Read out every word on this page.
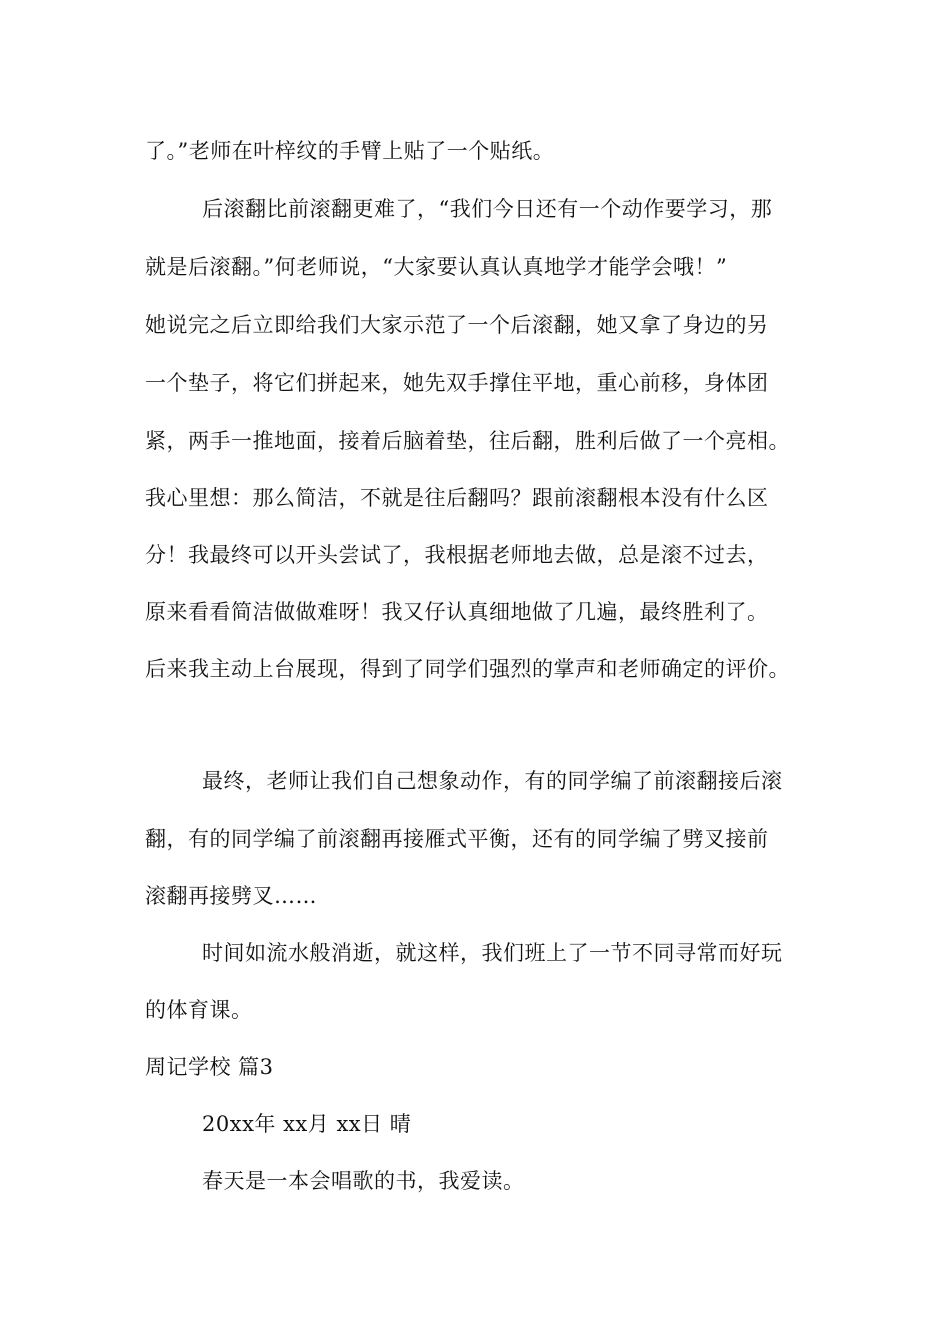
了。”老师在叶梓纹的手臂上贴了一个贴纸。
后滚翻比前滚翻更难了，“我们今日还有一个动作要学习，那
就是后滚翻。”何老师说，“大家要认真认真地学才能学会哦！”
她说完之后立即给我们大家示范了一个后滚翻，她又拿了身边的另
一个垫子，将它们拼起来，她先双手撑住平地，重心前移，身体团
紧，两手一推地面，接着后脑着垫，往后翻，胜利后做了一个亮相。
我心里想：那么简洁，不就是往后翻吗？跟前滚翻根本没有什么区
分！我最终可以开头尝试了，我根据老师地去做，总是滚不过去，
原来看看简洁做做难呀！我又仔认真细地做了几遍，最终胜利了。
后来我主动上台展现，得到了同学们强烈的掌声和老师确定的评价。
最终，老师让我们自己想象动作，有的同学编了前滚翻接后滚
翻，有的同学编了前滚翻再接雁式平衡，还有的同学编了劈叉接前
滚翻再接劈叉……
时间如流水般消逝，就这样，我们班上了一节不同寻常而好玩
的体育课。
周记学校 篇3
20xx年 xx月 xx日 晴
春天是一本会唱歌的书，我爱读。
